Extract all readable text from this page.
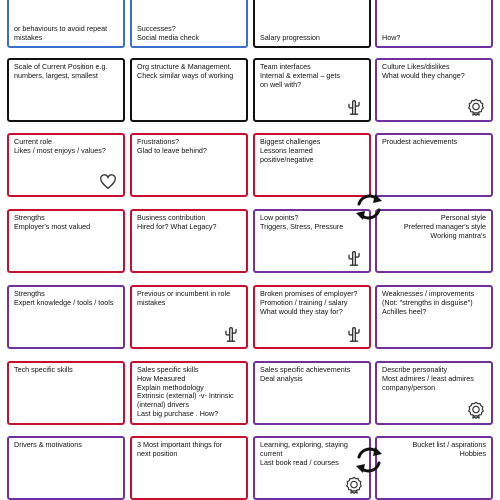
or behaviours to avoid repeat
mistakes
Successes?
Social media check	Salary progression	How?
Scale of Current Position e.g.
numbers, largest, smallest
Org structure & Management.
Check similar ways of working
Team interfaces
Internal & external – gets
on well with?
Culture Likes/dislikes
What would they change?
Current role
Likes / most enjoys / values?
Frustrations?
Glad to leave behind?
Biggest challenges
Lessons learned
positive/negative
Proudest achievements
Strengths
Employer's most valued
Business contribution
Hired for? What Legacy?
Low points?
Triggers, Stress, Pressure
Personal style
Preferred manager's style
Working mantra's
Strengths
Expert knowledge / tools / tools
Previous or incumbent in role
mistakes
Broken promises of employer?
Promotion / training / salary
What would they stay for?
Weaknesses / improvements
(Not: "strengths in disguise")
Achilles heel?
Tech specific skills	Sales specific skills
How Measured
Explain methodology
Extrinsic (external) -v- Intrinsic
(internal) drivers
Last big purchase . How?
Sales specific achievements
Deal analysis
Describe personality
Most admires / least admires
company/person
Drivers & motivations	3 Most important things for
next position
Learning, exploring, staying
current
Last book read / courses
Bucket list / aspirations
Hobbies
